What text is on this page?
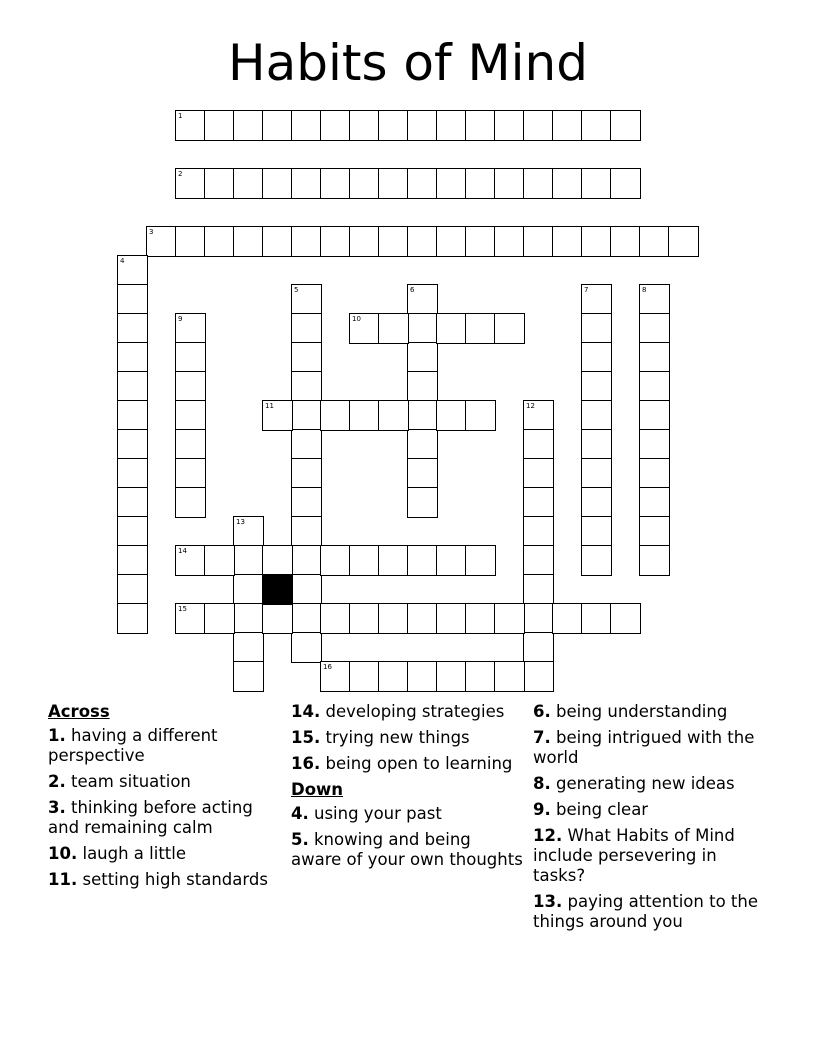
Habits of Mind
1
2
3
4
5	6	7	8
9	10
11	12
13
14
15
16
Across
1. having a different perspective
2. team situation
3. thinking before acting and remaining calm
10. laugh a little
11. setting high standards
14. developing strategies
15. trying new things
16. being open to learning
Down
4. using your past
5. knowing and being aware of your own thoughts
6. being understanding
7. being intrigued with the world
8. generating new ideas
9. being clear
12. What Habits of Mind include persevering in tasks?
13. paying attention to the things around you
